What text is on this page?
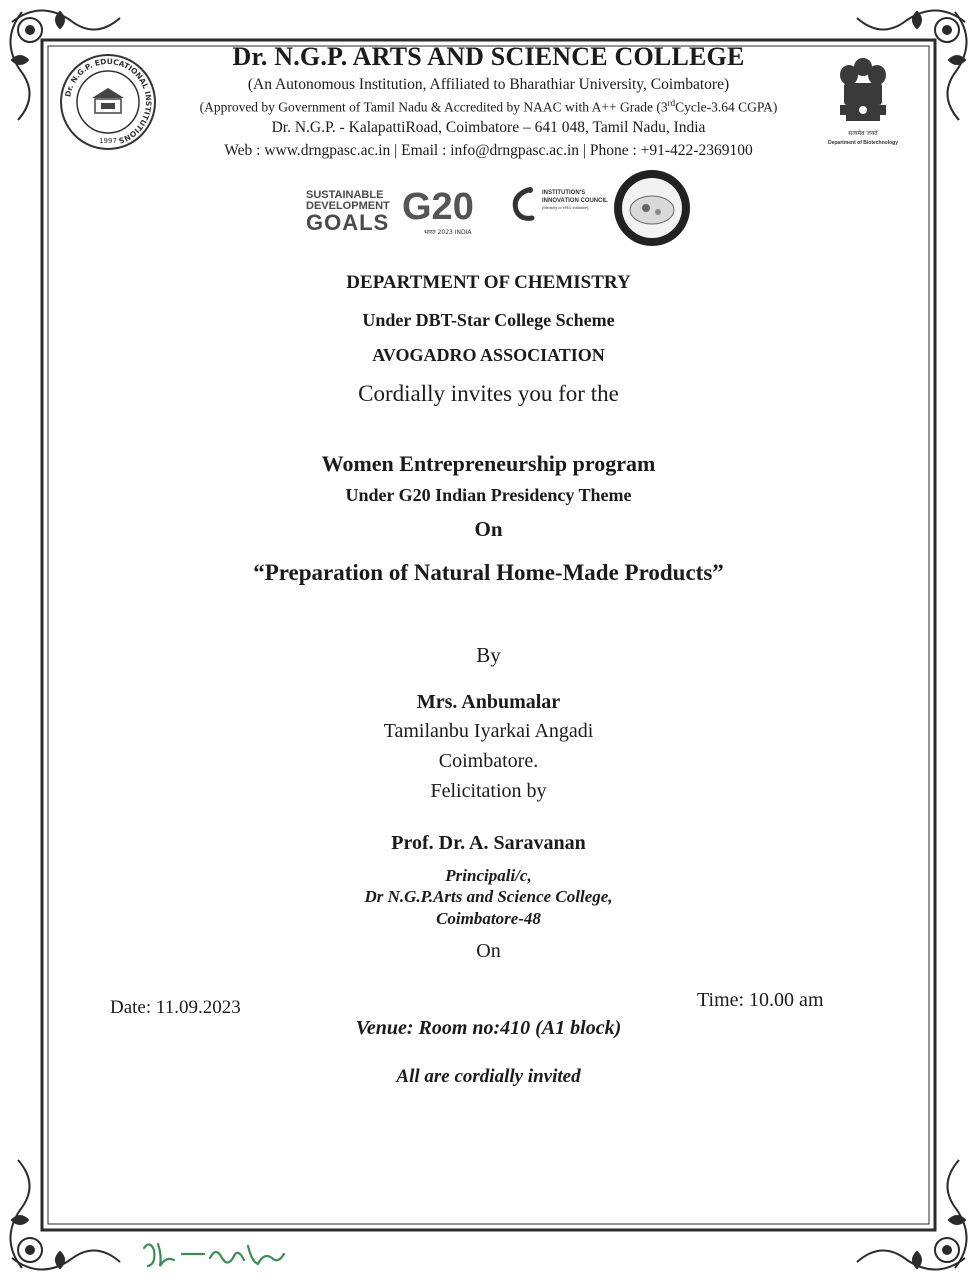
Dr. N.G.P. EDUCATIONAL INSTITUTIONS
1997
सत्यमेव जयते
Department of Biotechnology
Dr. N.G.P. ARTS AND SCIENCE COLLEGE
(An Autonomous Institution, Affiliated to Bharathiar University, Coimbatore)
(Approved by Government of Tamil Nadu & Accredited by NAAC with A++ Grade (3rdCycle-3.64 CGPA)
Dr. N.G.P. - KalapattiRoad, Coimbatore – 641 048, Tamil Nadu, India
Web : www.drngpasc.ac.in | Email : info@drngpasc.ac.in | Phone : +91-422-2369100
SUSTAINABLE
DEVELOPMENT
GOALS G20
भारत 2023 INDIA
INSTITUTION'S INNOVATION COUNCIL
(Ministry of HRD Initiative)
DEPARTMENT OF CHEMISTRY
Under DBT-Star College Scheme
AVOGADRO ASSOCIATION
Cordially invites you for the
Women Entrepreneurship program
Under G20 Indian Presidency Theme
On
“Preparation of Natural Home-Made Products”
By
Mrs. Anbumalar
Tamilanbu Iyarkai Angadi
Coimbatore.
Felicitation by
Prof. Dr. A. Saravanan
Principali/c,
Dr N.G.P.Arts and Science College,
Coimbatore-48
On
Date: 11.09.2023	Time: 10.00 am
Venue: Room no:410 (A1 block)
All are cordially invited
